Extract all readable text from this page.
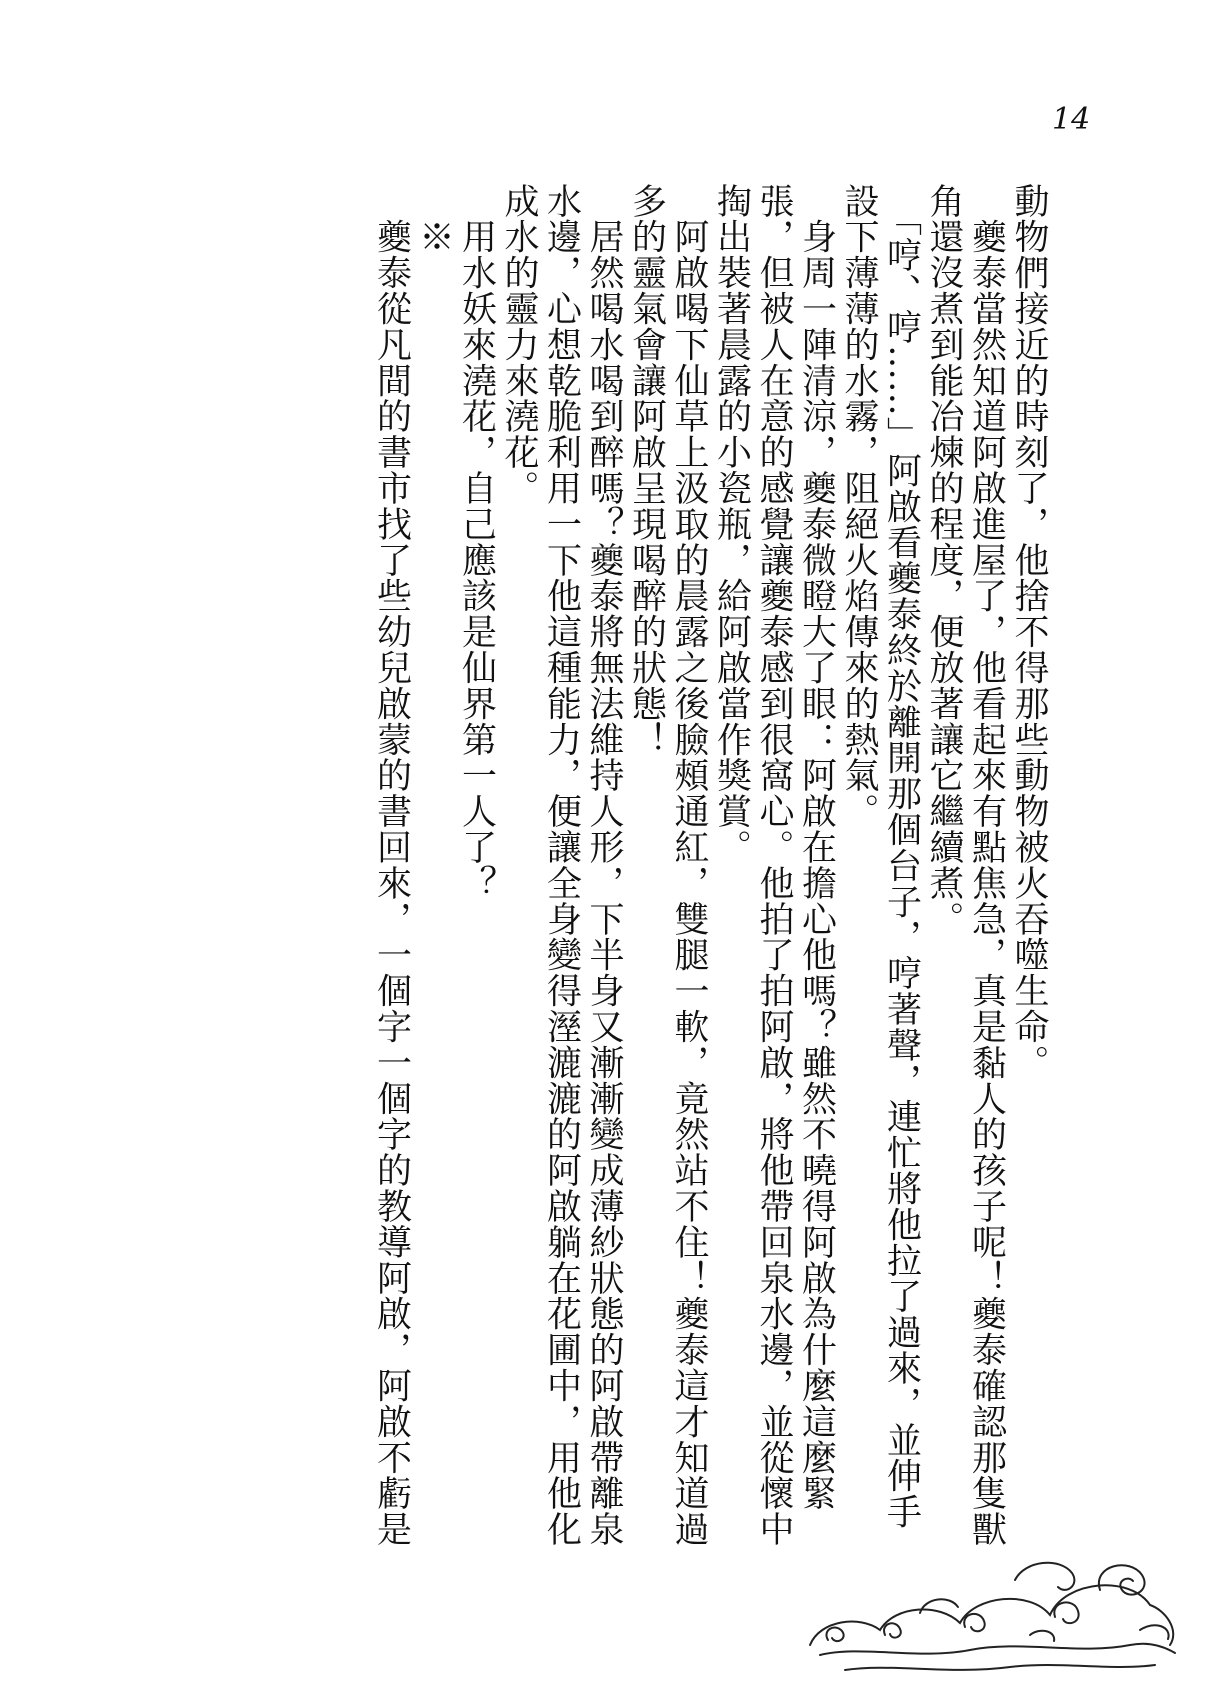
14
動物們接近的時刻了，他捨不得那些動物被火吞噬生命。
　夔泰當然知道阿啟進屋了，他看起來有點焦急，真是黏人的孩子呢！夔泰確認那隻獸
角還沒煮到能冶煉的程度，便放著讓它繼續煮。
　「哼、哼……」阿啟看夔泰終於離開那個台子，哼著聲，連忙將他拉了過來，並伸手
設下薄薄的水霧，阻絕火焰傳來的熱氣。
　身周一陣清涼，夔泰微瞪大了眼：阿啟在擔心他嗎？雖然不曉得阿啟為什麼這麼緊
張，但被人在意的感覺讓夔泰感到很窩心。他拍了拍阿啟，將他帶回泉水邊，並從懷中
掏出裝著晨露的小瓷瓶，給阿啟當作獎賞。
　阿啟喝下仙草上汲取的晨露之後臉頰通紅，雙腿一軟，竟然站不住！夔泰這才知道過
多的靈氣會讓阿啟呈現喝醉的狀態！
　居然喝水喝到醉嗎？夔泰將無法維持人形，下半身又漸漸變成薄紗狀態的阿啟帶離泉
水邊，心想乾脆利用一下他這種能力，便讓全身變得溼漉漉的阿啟躺在花圃中，用他化
成水的靈力來澆花。
　用水妖來澆花，自己應該是仙界第一人了？
　※
　夔泰從凡間的書市找了些幼兒啟蒙的書回來，一個字一個字的教導阿啟，阿啟不虧是
